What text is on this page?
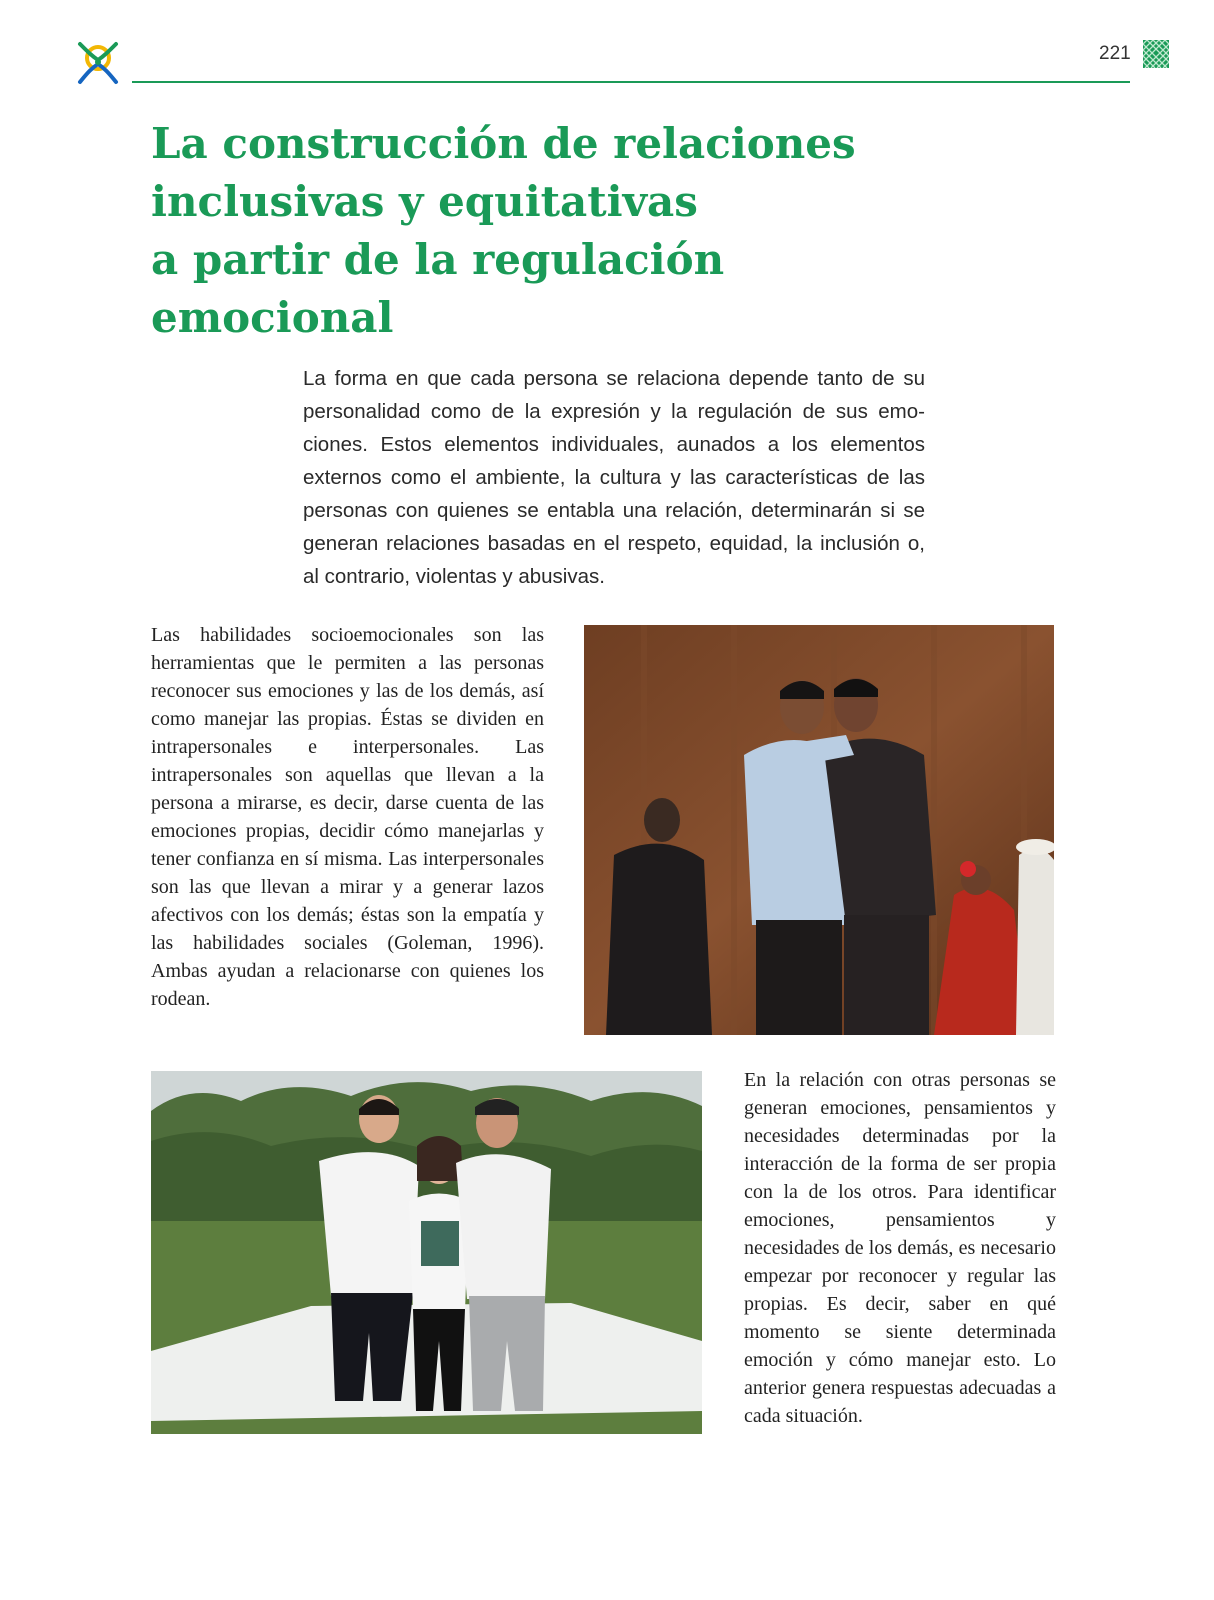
221
La construcción de relaciones
inclusivas y equitativas
a partir de la regulación
emocional

La forma en que cada persona se relaciona depende tanto de su personalidad como de la expresión y la regulación de sus emociones. Estos elementos individuales, aunados a los elementos externos como el ambiente, la cultura y las características de las personas con quienes se entabla una relación, determinarán si se generan relaciones basadas en el respeto, equidad, la inclusión o, al contrario, violentas y abusivas.

Las habilidades socioemocionales son las herramientas que le permiten a las personas reconocer sus emociones y las de los demás, así como manejar las propias. Éstas se dividen en intrapersonales e interpersonales. Las intrapersonales son aquellas que llevan a la persona a mirarse, es decir, darse cuenta de las emociones propias, decidir cómo manejarlas y tener confianza en sí misma. Las interpersonales son las que llevan a mirar y a generar lazos afectivos con los demás; éstas son la empatía y las habilidades sociales (Goleman, 1996). Ambas ayudan a relacionarse con quienes los rodean.

En la relación con otras personas se generan emociones, pensamientos y necesidades determinadas por la interacción de la forma de ser propia con la de los otros. Para identificar emociones, pensamientos y necesidades de los demás, es necesario empezar por reconocer y regular las propias. Es decir, saber en qué momento se siente determinada emoción y cómo manejar esto. Lo anterior genera respuestas adecuadas a cada situación.
